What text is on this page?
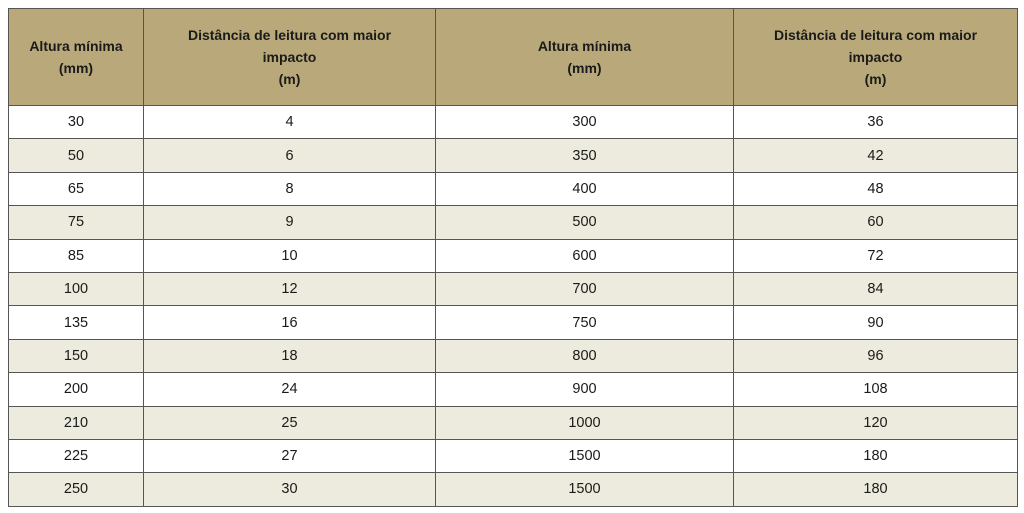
Altura mínima
(mm)	Distância de leitura com maior
impacto
(m)	Altura mínima
(mm)	Distância de leitura com maior
impacto
(m)

30	4	300	36
50	6	350	42
65	8	400	48
75	9	500	60
85	10	600	72
100	12	700	84
135	16	750	90
150	18	800	96
200	24	900	108
210	25	1000	120
225	27	1500	180
250	30	1500	180
